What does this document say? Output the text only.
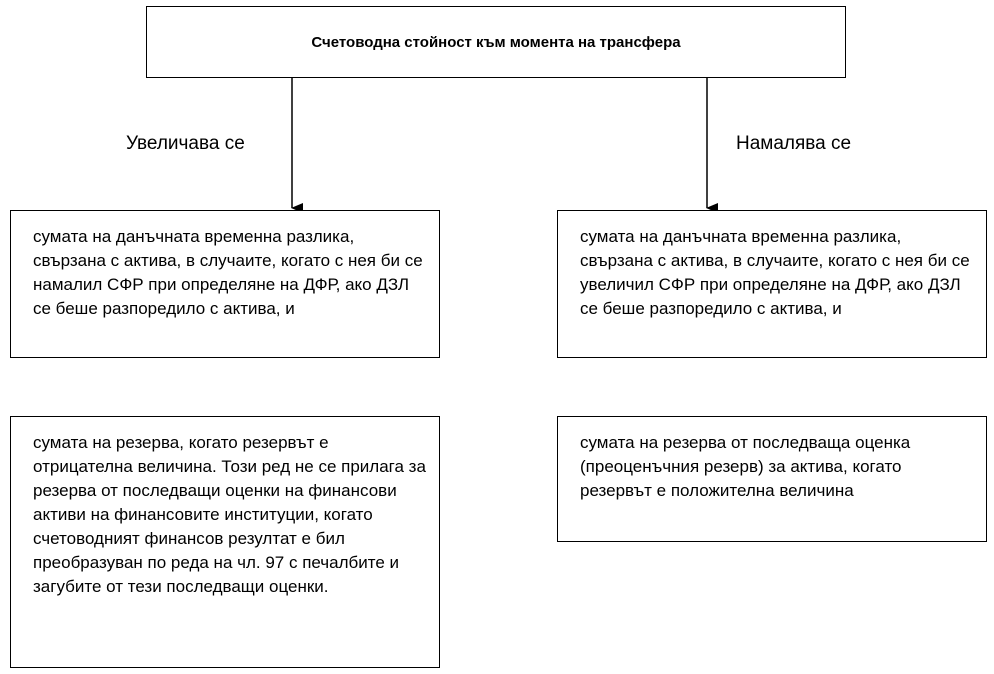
Счетоводна стойност към момента на трансфера
Увеличава се	Намалява се
сумата на данъчната временна разлика, свързана с актива, в случаите, когато с нея би се намалил СФР при определяне на ДФР, ако ДЗЛ се беше разпоредило с актива, и
сумата на данъчната временна разлика, свързана с актива, в случаите, когато с нея би се увеличил СФР при определяне на ДФР, ако ДЗЛ се беше разпоредило с актива, и
сумата на резерва, когато резервът е отрицателна величина. Този ред не се прилага за резерва от последващи оценки на финансови активи на финансовите институции, когато счетоводният финансов резултат е бил преобразуван по реда на чл. 97 с печалбите и загубите от тези последващи оценки.
сумата на резерва от последваща оценка (преоценъчния резерв) за актива, когато резервът е положителна величина
